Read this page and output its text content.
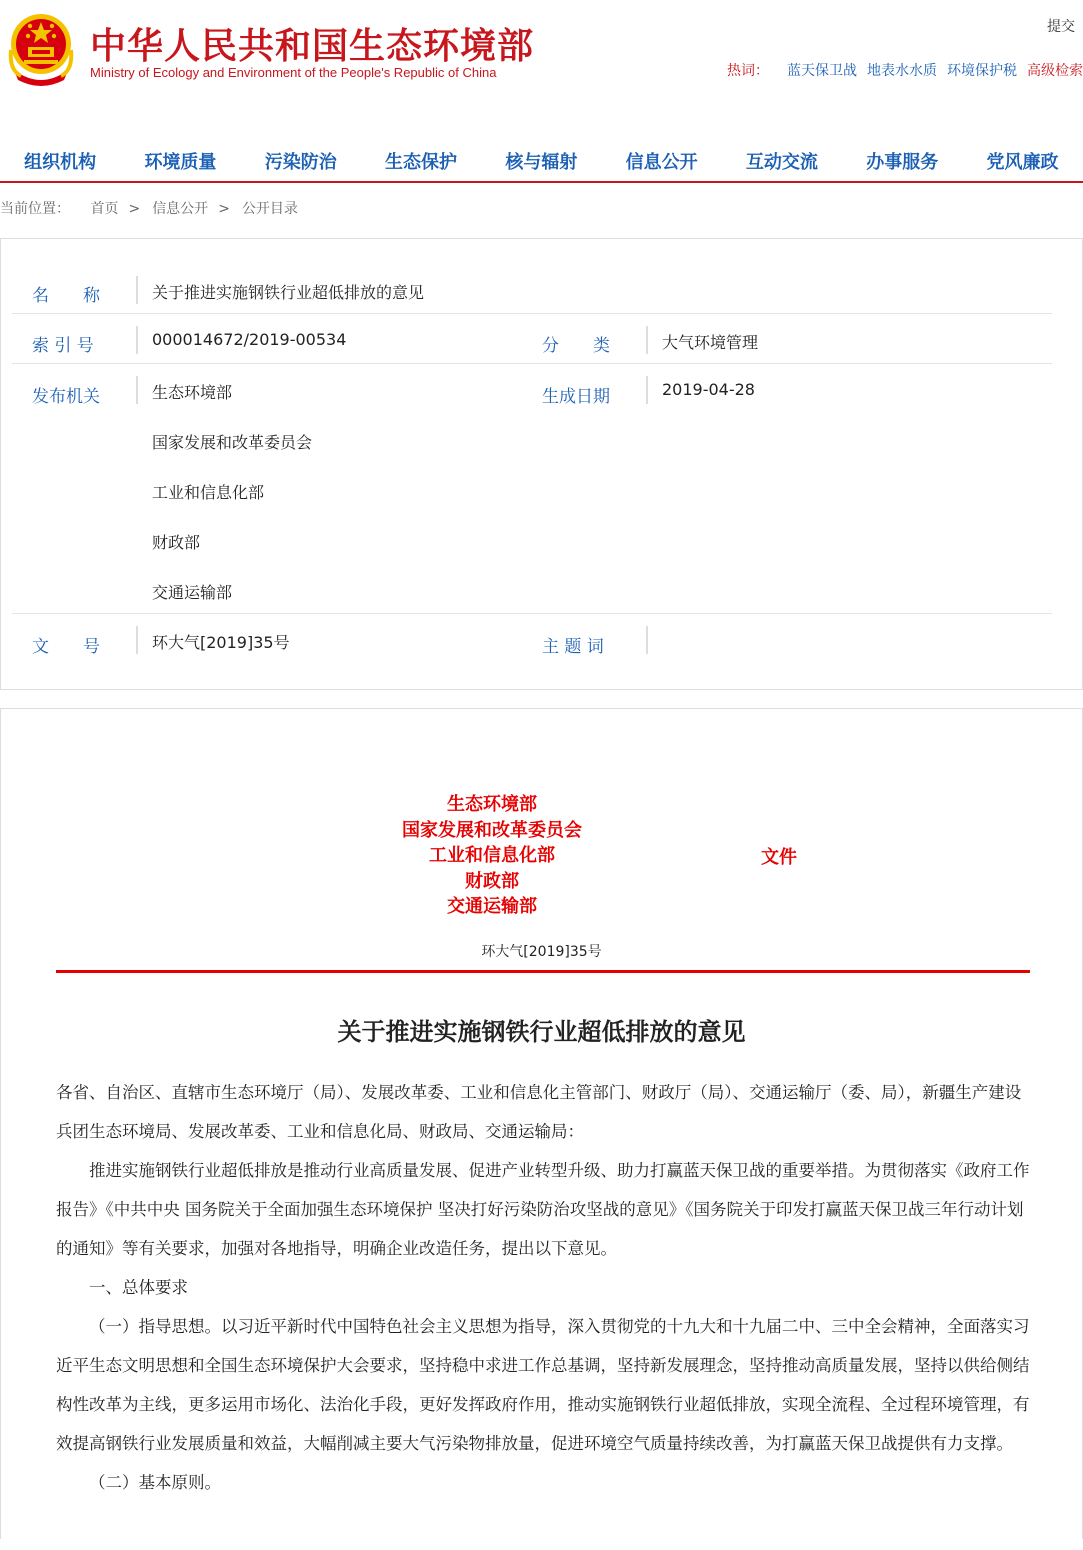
中华人民共和国生态环境部
Ministry of Ecology and Environment of the People's Republic of China
提交
热词： 蓝天保卫战 地表水水质 环境保护税 高级检索
组织机构	环境质量	污染防治	生态保护	核与辐射	信息公开	互动交流	办事服务	党风廉政
当前位置： 首页 > 信息公开 > 公开目录
名　　称	关于推进实施钢铁行业超低排放的意见
索 引 号	000014672/2019-00534	分　　类	大气环境管理
发布机关	生态环境部
国家发展和改革委员会
工业和信息化部
财政部
交通运输部
生成日期	2019-04-28
文　　号	环大气[2019]35号	主 题 词
生态环境部
国家发展和改革委员会
工业和信息化部
财政部
交通运输部
文件
环大气[2019]35号
关于推进实施钢铁行业超低排放的意见

各省、自治区、直辖市生态环境厅（局）、发展改革委、工业和信息化主管部门、财政厅（局）、交通运输厅（委、局），新疆生产建设兵团生态环境局、发展改革委、工业和信息化局、财政局、交通运输局：

推进实施钢铁行业超低排放是推动行业高质量发展、促进产业转型升级、助力打赢蓝天保卫战的重要举措。为贯彻落实《政府工作报告》《中共中央 国务院关于全面加强生态环境保护 坚决打好污染防治攻坚战的意见》《国务院关于印发打赢蓝天保卫战三年行动计划的通知》等有关要求，加强对各地指导，明确企业改造任务，提出以下意见。

一、总体要求

（一）指导思想。以习近平新时代中国特色社会主义思想为指导，深入贯彻党的十九大和十九届二中、三中全会精神，全面落实习近平生态文明思想和全国生态环境保护大会要求，坚持稳中求进工作总基调，坚持新发展理念，坚持推动高质量发展，坚持以供给侧结构性改革为主线，更多运用市场化、法治化手段，更好发挥政府作用，推动实施钢铁行业超低排放，实现全流程、全过程环境管理，有效提高钢铁行业发展质量和效益，大幅削减主要大气污染物排放量，促进环境空气质量持续改善，为打赢蓝天保卫战提供有力支撑。

（二）基本原则。
